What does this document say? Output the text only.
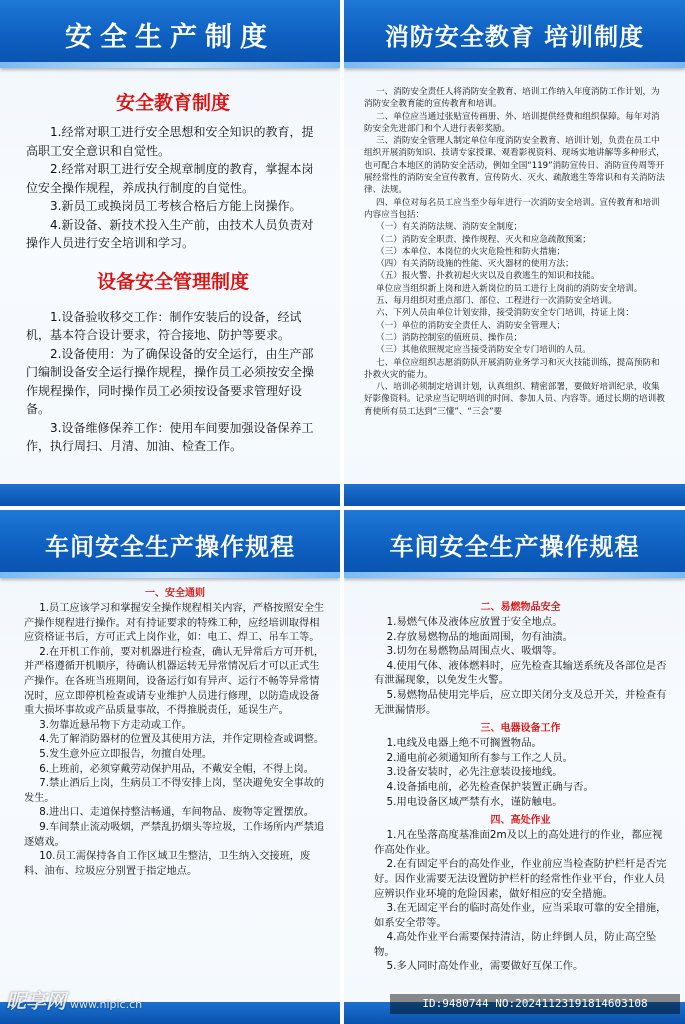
安全生产制度
安全教育制度

1.经常对职工进行安全思想和安全知识的教育，提高职工安全意识和自觉性。

2.经常对职工进行安全规章制度的教育，掌握本岗位安全操作规程，养成执行制度的自觉性。

3.新员工或换岗员工考核合格后方能上岗操作。

4.新设备、新技术投入生产前，由技术人员负责对操作人员进行安全培训和学习。

设备安全管理制度

1.设备验收移交工作：制作安装后的设备，经试机，基本符合设计要求，符合接地、防护等要求。

2.设备使用：为了确保设备的安全运行，由生产部门编制设备安全运行操作规程，操作员工必须按安全操作规程操作，同时操作员工必须按设备要求管理好设备。

3.设备维修保养工作：使用车间要加强设备保养工作，执行周扫、月清、加油、检查工作。

消防安全教育 培训制度

一、消防安全责任人将消防安全教育、培训工作纳入年度消防工作计划，为消防安全教育能的宣传教育和培训。

二、单位应当通过张贴宣传画册、外、培训提供经费和组织保障。每年对消防安全先进部门和个人进行表彰奖励。

三、消防安全管理人制定单位年度消防安全教育、培训计划，负责在员工中组织开展消防知识、技请专家授课、观看影视资料、现场实地讲解等多种形式，也可配合本地区的消防安全活动，例如全国“119”消防宣传日、消防宣传周等开展经常性的消防安全宣传教育，宣传防火、灭火、疏散逃生等常识和有关消防法律、法规。

四、单位对每名员工应当至少每年进行一次消防安全培训。宣传教育和培训内容应当包括：

（一）有关消防法规、消防安全制度；

（二）消防安全职责、操作规程、灭火和应急疏散预案；

（三）本单位、本岗位的火灾危险性和防火措施；

（四）有关消防设施的性能、灭火器材的使用方法；

（五）报火警、扑救初起火灾以及自救逃生的知识和技能。

单位应当组织新上岗和进入新岗位的员工进行上岗前的消防安全培训。

五、每月组织对重点部门、部位、工程进行一次消防安全培训。

六、下列人员由单位计划安排，接受消防安全专门培训，持证上岗：

（一）单位的消防安全责任人、消防安全管理人；

（二）消防控制室的值班员、操作员；

（三）其他依照规定应当接受消防安全专门培训的人员。

七、单位应组织志愿消防队开展消防业务学习和灭火技能训练，提高预防和扑救火灾的能力。

八、培训必须制定培训计划，认真组织、精密部署，要做好培训纪录，收集好影像资料。记录应当记明培训的时间、参加人员、内容等。通过长期的培训教育使所有员工达到“三懂”、“三会”要

车间安全生产操作规程
一、安全通则

1.员工应该学习和掌握安全操作规程相关内容，严格按照安全生产操作规程进行操作。对有持证要求的特殊工种，应经培训取得相应资格证书后，方可正式上岗作业，如：电工、焊工、吊车工等。

2.在开机工作前，要对机器进行检查，确认无异常后方可开机，并严格遵循开机顺序，待确认机器运转无异常情况后才可以正式生产操作。在各班当班期间，设备运行如有异声、运行不畅等异常情况时，应立即停机检查或请专业维护人员进行修理，以防造成设备重大损坏事故或产品质量事故，不得推脱责任，延误生产。

3.勿靠近悬吊物下方走动或工作。

4.先了解消防器材的位置及其使用方法，并作定期检查或调整。

5.发生意外应立即报告，勿擅自处理。

6.上班前，必须穿戴劳动保护用品，不戴安全帽，不得上岗。

7.禁止酒后上岗，生病员工不得安排上岗，坚决避免安全事故的发生。

8.进出口、走道保持整洁畅通，车间物品、废物等定置摆放。

9.车间禁止流动吸烟，严禁乱扔烟头等垃圾，工作场所内严禁追逐嬉戏。

10.员工需保持各自工作区域卫生整洁，卫生纳入交接班，废料、油布、垃圾应分别置于指定地点。

车间安全生产操作规程
二、易燃物品安全

1.易燃气体及液体应放置于安全地点。

2.存放易燃物品的地面周围，勿有油渍。

3.切勿在易燃物品周围点火、吸烟等。

4.使用气体、液体燃料时，应先检查其输送系统及各部位是否有泄漏现象，以免发生火警。

5.易燃物品使用完毕后，应立即关闭分支及总开关，并检查有无泄漏情形。

三、电器设备工作

1.电线及电器上绝不可搁置物品。

2.通电前必须通知所有参与工作之人员。

3.设备安装时，必先注意装设接地线。

4.设备插电前，必先检查保护装置正确与否。

5.用电设备区域严禁有水，谨防触电。

四、高处作业

1.凡在坠落高度基准面2m及以上的高处进行的作业，都应视作高处作业。

2.在有固定平台的高处作业，作业前应当检查防护栏杆是否完好。因作业需要无法设置防护栏杆的经常性作业平台，作业人员应辨识作业环境的危险因素，做好相应的安全措施。

3.在无固定平台的临时高处作业，应当采取可靠的安全措施，如系安全带等。

4.高处作业平台需要保持清洁，防止绊倒人员，防止高空坠物。

5.多人同时高处作业，需要做好互保工作。

昵享网 www.nipic.cn	ID:9480744 NO:20241123191814603108
